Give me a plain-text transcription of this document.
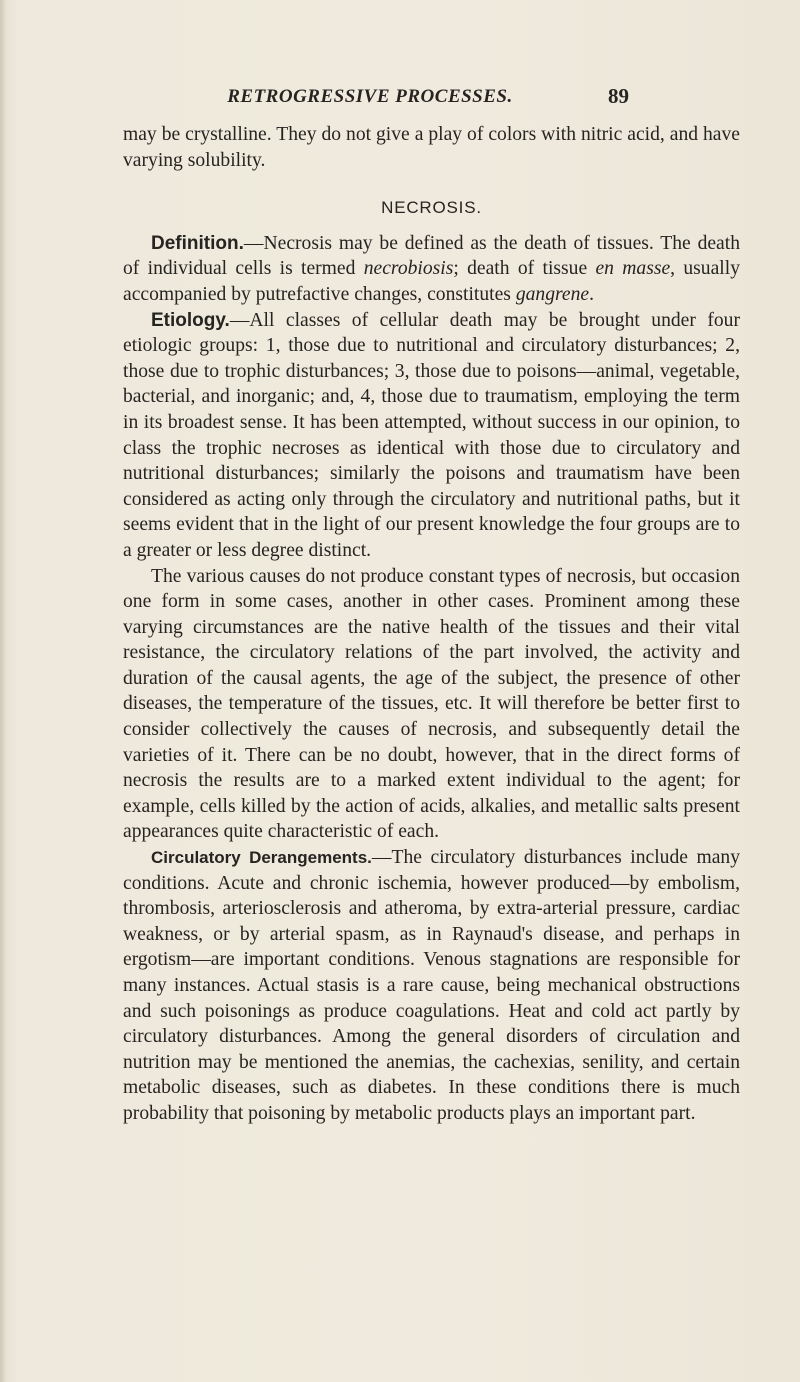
RETROGRESSIVE PROCESSES.	89

may be crystalline. They do not give a play of colors with nitric acid, and have varying solubility.

NECROSIS.

Definition.—Necrosis may be defined as the death of tissues. The death of individual cells is termed necrobiosis; death of tissue en masse, usually accompanied by putrefactive changes, constitutes gangrene.

Etiology.—All classes of cellular death may be brought under four etiologic groups: 1, those due to nutritional and circulatory disturbances; 2, those due to trophic disturbances; 3, those due to poisons—animal, vegetable, bacterial, and inorganic; and, 4, those due to traumatism, employing the term in its broadest sense. It has been attempted, without success in our opinion, to class the trophic necroses as identical with those due to circulatory and nutritional disturbances; similarly the poisons and traumatism have been considered as acting only through the circulatory and nutritional paths, but it seems evident that in the light of our present knowledge the four groups are to a greater or less degree distinct.

The various causes do not produce constant types of necrosis, but occasion one form in some cases, another in other cases. Prominent among these varying circumstances are the native health of the tissues and their vital resistance, the circulatory relations of the part involved, the activity and duration of the causal agents, the age of the subject, the presence of other diseases, the temperature of the tissues, etc. It will therefore be better first to consider collectively the causes of necrosis, and subsequently detail the varieties of it. There can be no doubt, however, that in the direct forms of necrosis the results are to a marked extent individual to the agent; for example, cells killed by the action of acids, alkalies, and metallic salts present appearances quite characteristic of each.

Circulatory Derangements.—The circulatory disturbances include many conditions. Acute and chronic ischemia, however produced—by embolism, thrombosis, arteriosclerosis and atheroma, by extra-arterial pressure, cardiac weakness, or by arterial spasm, as in Raynaud's disease, and perhaps in ergotism—are important conditions. Venous stagnations are responsible for many instances. Actual stasis is a rare cause, being mechanical obstructions and such poisonings as produce coagulations. Heat and cold act partly by circulatory disturbances. Among the general disorders of circulation and nutrition may be mentioned the anemias, the cachexias, senility, and certain metabolic diseases, such as diabetes. In these conditions there is much probability that poisoning by metabolic products plays an important part.
